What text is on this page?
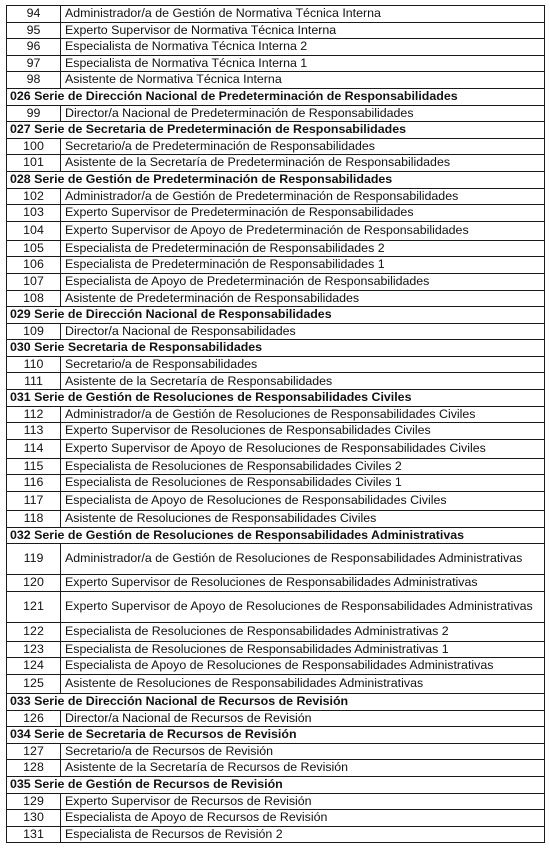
94	Administrador/a de Gestión de Normativa Técnica Interna
95	Experto Supervisor de Normativa Técnica Interna
96	Especialista de Normativa Técnica Interna 2
97	Especialista de Normativa Técnica Interna 1
98	Asistente de Normativa Técnica Interna
026 Serie de Dirección Nacional de Predeterminación de Responsabilidades	
99	Director/a Nacional de Predeterminación de Responsabilidades
027 Serie de Secretaria de Predeterminación de Responsabilidades	
100	Secretario/a de Predeterminación de Responsabilidades
101	Asistente de la Secretaría de Predeterminación de Responsabilidades
028 Serie de Gestión de Predeterminación de Responsabilidades	
102	Administrador/a de Gestión de Predeterminación de Responsabilidades
103	Experto Supervisor de Predeterminación de Responsabilidades
104	Experto Supervisor de Apoyo de Predeterminación de Responsabilidades
105	Especialista de Predeterminación de Responsabilidades 2
106	Especialista de Predeterminación de Responsabilidades 1
107	Especialista de Apoyo de Predeterminación de Responsabilidades
108	Asistente de Predeterminación de Responsabilidades
029 Serie de Dirección Nacional de Responsabilidades	
109	Director/a Nacional de Responsabilidades
030 Serie Secretaria de Responsabilidades	
110	Secretario/a de Responsabilidades
111	Asistente de la Secretaría de Responsabilidades
031 Serie de Gestión de Resoluciones de Responsabilidades Civiles	
112	Administrador/a de Gestión de Resoluciones de Responsabilidades Civiles
113	Experto Supervisor de Resoluciones de Responsabilidades Civiles
114	Experto Supervisor de Apoyo de Resoluciones de Responsabilidades Civiles
115	Especialista de Resoluciones de Responsabilidades Civiles 2
116	Especialista de Resoluciones de Responsabilidades Civiles 1
117	Especialista de Apoyo de Resoluciones de Responsabilidades Civiles
118	Asistente de Resoluciones de Responsabilidades Civiles
032 Serie de Gestión de Resoluciones de Responsabilidades Administrativas	
119	Administrador/a de Gestión de Resoluciones de Responsabilidades Administrativas
120	Experto Supervisor de Resoluciones de Responsabilidades Administrativas
121	Experto Supervisor de Apoyo de Resoluciones de Responsabilidades Administrativas
122	Especialista de Resoluciones de Responsabilidades Administrativas 2
123	Especialista de Resoluciones de Responsabilidades Administrativas 1
124	Especialista de Apoyo de Resoluciones de Responsabilidades Administrativas
125	Asistente de Resoluciones de Responsabilidades Administrativas
033 Serie de Dirección Nacional de Recursos de Revisión	
126	Director/a Nacional de Recursos de Revisión
034 Serie de Secretaria de Recursos de Revisión	
127	Secretario/a de Recursos de Revisión
128	Asistente de la Secretaría de Recursos de Revisión
035 Serie de Gestión de Recursos de Revisión	
129	Experto Supervisor de Recursos de Revisión
130	Especialista de Apoyo de Recursos de Revisión
131	Especialista de Recursos de Revisión 2
